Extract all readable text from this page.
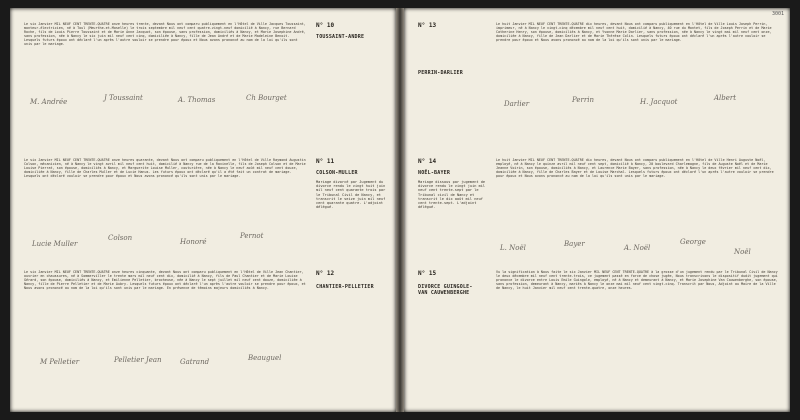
Le six Janvier MIL NEUF CENT TRENTE-QUATRE onze heures trente, devant Nous ont comparu publiquement en l'Hôtel de Ville Jacques Toussaint, monteur-électricien, né à Toul (Meurthe-et-Moselle) le trois septembre mil neuf cent quatre-vingt-neuf domicilié à Nancy, rue Bernard Roche, fils de Louis Pierre Toussaint et de Marie Anne Jacquot, son épouse, sans profession, domiciliés à Nancy, et Marie Josephine André, sans profession, née à Nancy le six juin mil neuf cent cinq, domiciliée à Nancy, fille de Jean André et de Marie Madeleine Benoit. Lesquels futurs époux ont déclaré l'un après l'autre vouloir se prendre pour époux et Nous avons prononcé au nom de la loi qu'ils sont unis par le mariage.
N° 10
TOUSSAINT-ANDRE
M. Andrée	J Toussaint	A. Thomas	Ch Bourget
Le six Janvier MIL NEUF CENT TRENTE-QUATRE onze heures quarante, devant Nous ont comparu publiquement en l'Hôtel de Ville Raymond Augustin Colson, mécanicien, né à Nancy le vingt avril mil neuf cent huit, domicilié à Nancy rue de la Ravinelle, fils de Joseph Colson et de Marie Louise Pierrat, son épouse, domiciliés à Nancy, et Marguerite Louise Muller, couturière, née à Nancy le neuf août mil neuf cent douze, domiciliée à Nancy, fille de Charles Muller et de Lucie Hanus. Les futurs époux ont déclaré qu'il a été fait un contrat de mariage. Lesquels ont déclaré vouloir se prendre pour époux et Nous avons prononcé qu'ils sont unis par le mariage.
N° 11
COLSON-MULLER
Mariage divorcé par Jugement du divorce rendu le vingt huit juin mil neuf cent quarante trois par le Tribunal Civil de Nancy, et transcrit le seize juin mil neuf cent quarante quatre. L'adjoint délégué.
Lucie Muller
Colson	Honoré
Pernot
Le six Janvier MIL NEUF CENT TRENTE-QUATRE onze heures cinquante, devant Nous ont comparu publiquement en l'Hôtel de Ville Jean Chantier, ouvrier en chaussures, né à Sommerviller le trente mars mil neuf cent dix, domicilié à Nancy, fils de Paul Chantier et de Marie Louise Gérard, son épouse, domiciliés à Nancy, et Emilienne Pelletier, brocheuse, née à Nancy le sept juillet mil neuf cent douze, domiciliée à Nancy, fille de Pierre Pelletier et de Marie Aubry. Lesquels futurs époux ont déclaré l'un après l'autre vouloir se prendre pour époux, et Nous avons prononcé au nom de la loi qu'ils sont unis par le mariage. En présence de témoins majeurs domiciliés à Nancy.
N° 12
CHANTIER-PELLETIER
M Pelletier	Pelletier Jean	Gatrand	Beauguel
3001
N° 13
PERRIN-DARLIER
Le huit Janvier MIL NEUF CENT TRENTE-QUATRE dix heures, devant Nous ont comparu publiquement en l'Hôtel de Ville Louis Joseph Perrin, imprimeur, né à Nancy le vingt-cinq décembre mil neuf cent huit, domicilié à Nancy, 40 rue du Montet, fils de Joseph Perrin et de Marie Catherine Henry, son épouse, domiciliés à Nancy, et Yvonne Marie Darlier, sans profession, née à Nancy le vingt mai mil neuf cent onze, domiciliée à Nancy, fille de Jean Darlier et de Marie Thérèse Colin. Lesquels futurs époux ont déclaré l'un après l'autre vouloir se prendre pour époux et Nous avons prononcé au nom de la loi qu'ils sont unis par le mariage.
Darlier	Perrin	H. Jacquot	Albert
N° 14
NOËL-BAYER
Mariage dissous par jugement de divorce rendu le vingt juin mil neuf cent trente-sept par le Tribunal civil de Nancy et transcrit le dix août mil neuf cent trente-sept. L'adjoint délégué.
Le huit Janvier MIL NEUF CENT TRENTE-QUATRE dix heures, devant Nous ont comparu publiquement en l'Hôtel de Ville Henri Auguste Noël, employé, né à Nancy le quinze avril mil neuf cent sept, domicilié à Nancy, 20 boulevard Charlemagne, fils de Auguste Noël et de Marie Jeanne Voirin, son épouse, domiciliés à Nancy, et Laurence Marie Bayer, sans profession, née à Nancy le deux février mil neuf cent dix, domiciliée à Nancy, fille de Charles Bayer et de Louise Marchal. Lesquels futurs époux ont déclaré l'un après l'autre vouloir se prendre pour époux et Nous avons prononcé au nom de la loi qu'ils sont unis par le mariage.
L. Noël	Bayer	A. Noël
George
Noël
N° 15
DIVORCE GUINGOLE-
VAN CAUWENBERGHE
Vu la signification à Nous faite le six Janvier MIL NEUF CENT TRENTE-QUATRE à la grosse d'un jugement rendu par le Tribunal Civil de Nancy le deux décembre mil neuf cent trente-trois, ce jugement passé en force de chose jugée, Nous transcrivons le dispositif dudit jugement qui prononce le divorce entre Louis Emile Guingole, employé, né à Nancy et demeurant à Nancy, et Marie Josephine Van Cauwenberghe, son épouse, sans profession, demeurant à Nancy, mariés à Nancy le onze mai mil neuf cent vingt-cinq. Transcrit par Nous, Adjoint au Maire de la Ville de Nancy, le huit Janvier mil neuf cent trente-quatre, onze heures.
